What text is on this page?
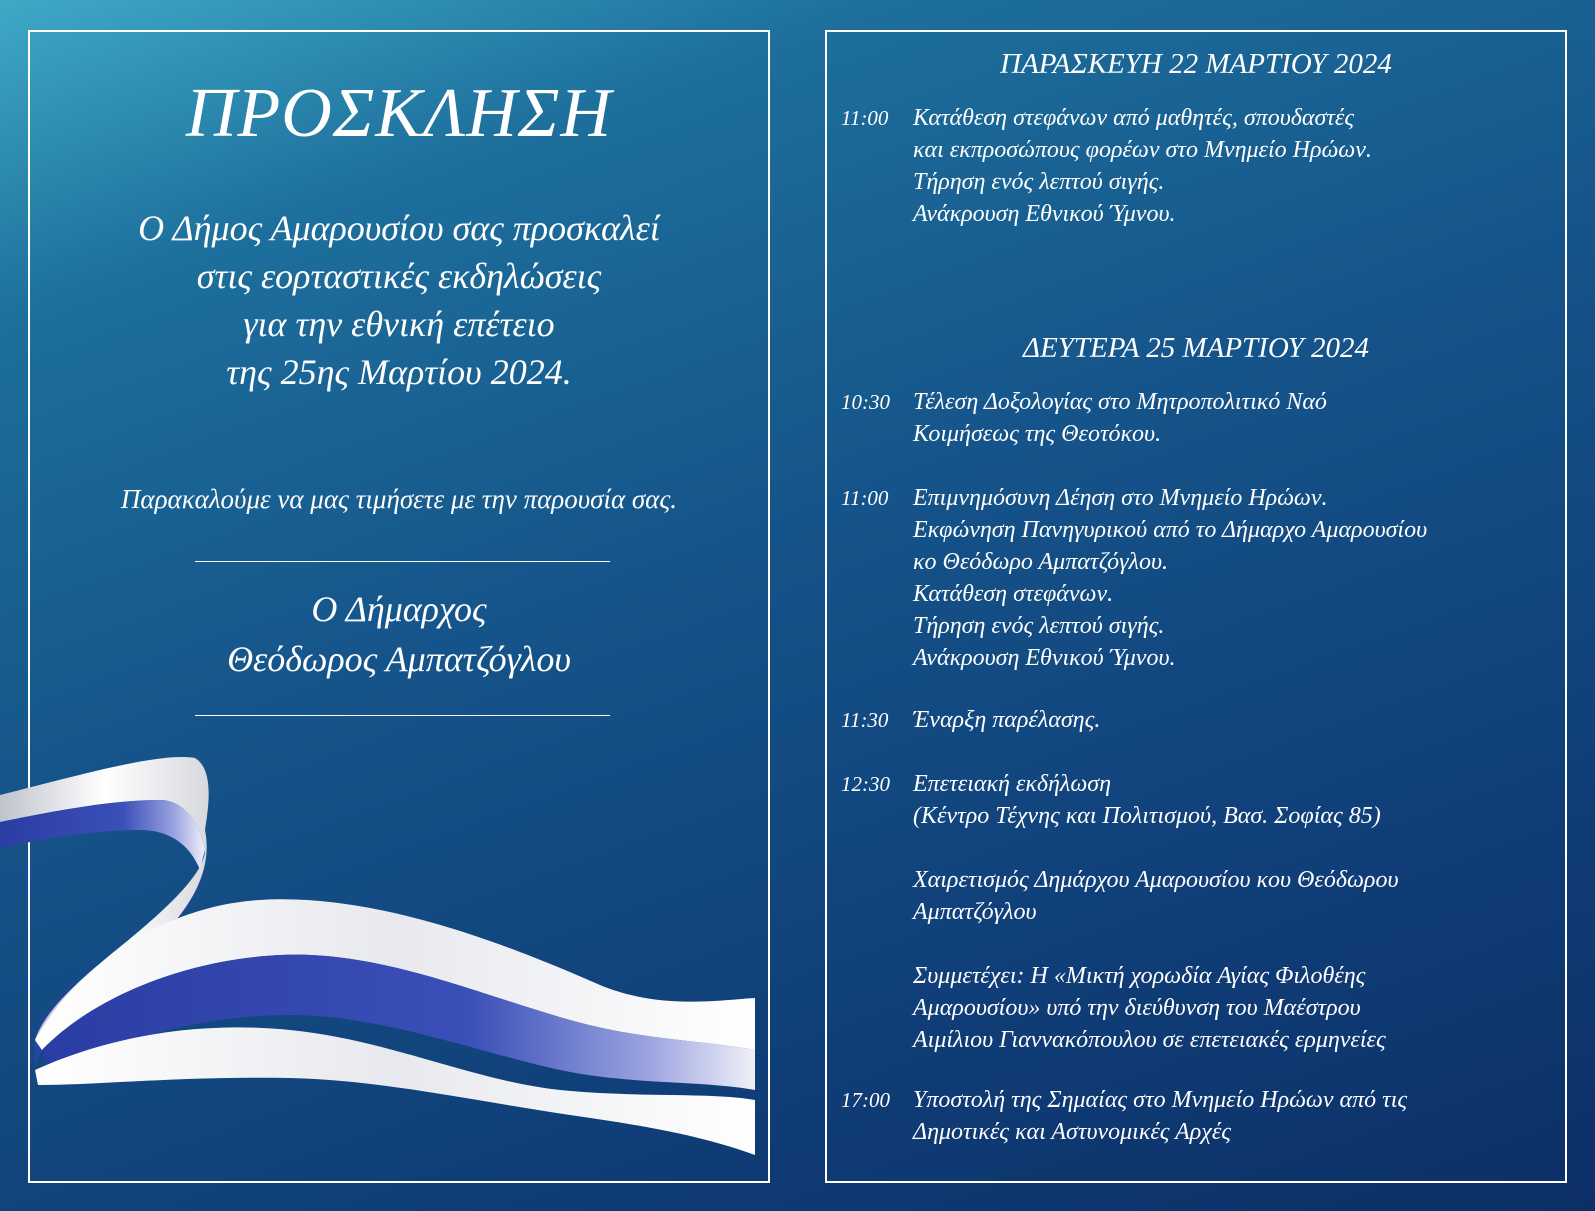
ΠΡΟΣΚΛΗΣΗ
Ο Δήμος Αμαρουσίου σας προσκαλεί
στις εορταστικές εκδηλώσεις
για την εθνική επέτειο
της 25ης Μαρτίου 2024.
Παρακαλούμε να μας τιμήσετε με την παρουσία σας.
Ο Δήμαρχος
Θεόδωρος Αμπατζόγλου
ΠΑΡΑΣΚΕΥΗ 22 ΜΑΡΤΙΟΥ 2024
11:00	Κατάθεση στεφάνων από μαθητές, σπουδαστές
και εκπροσώπους φορέων στο Μνημείο Ηρώων.
Τήρηση ενός λεπτού σιγής.
Ανάκρουση Εθνικού Ύμνου.
ΔΕΥΤΕΡΑ 25 ΜΑΡΤΙΟΥ 2024
10:30 Τέλεση Δοξολογίας στο Μητροπολιτικό Ναό
Κοιμήσεως της Θεοτόκου.
11:00	Επιμνημόσυνη Δέηση στο Μνημείο Ηρώων.
Εκφώνηση Πανηγυρικού από το Δήμαρχο Αμαρουσίου
κο Θεόδωρο Αμπατζόγλου.
Κατάθεση στεφάνων.
Τήρηση ενός λεπτού σιγής.
Ανάκρουση Εθνικού Ύμνου.
11:30	Έναρξη παρέλασης.
12:30 Επετειακή εκδήλωση
(Κέντρο Τέχνης και Πολιτισμού, Βασ. Σοφίας 85)
Χαιρετισμός Δημάρχου Αμαρουσίου κου Θεόδωρου
Αμπατζόγλου
Συμμετέχει: Η «Μικτή χορωδία Αγίας Φιλοθέης
Αμαρουσίου» υπό την διεύθυνση του Μαέστρου
Αιμίλιου Γιαννακόπουλου σε επετειακές ερμηνείες
17:00 Υποστολή της Σημαίας στο Μνημείο Ηρώων από τις
Δημοτικές και Αστυνομικές Αρχές
